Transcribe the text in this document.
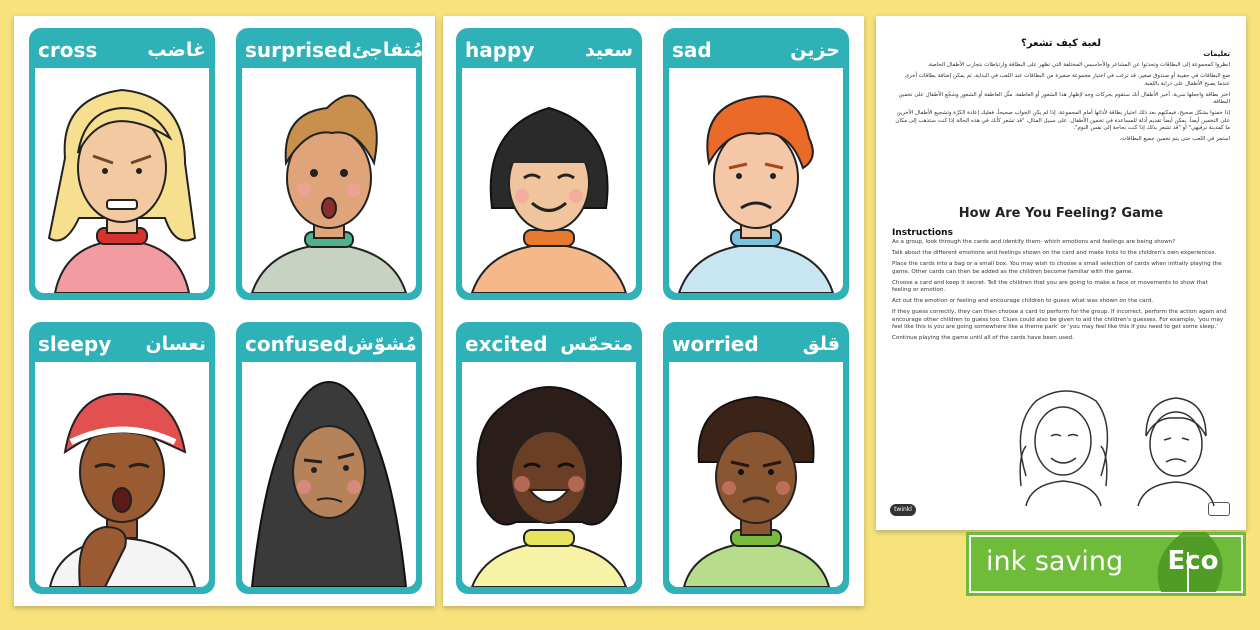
cross	غاضب surprised مُتفاجئ
sleepy نعسان confused مُشوّش
happy	سعيد sad	حزين
excited متحمّس worried قلق
لعبة كيف تشعر؟
تعليمات

انظروا كمجموعة إلى البطاقات وتحدثوا عن المشاعر والأحاسيس المختلفة التي تظهر على البطاقة وارتباطات بتجارب الأطفال الخاصة.

ضع البطاقات في حقيبة أو صندوق صغير. قد ترغب في اختيار مجموعة صغيرة من البطاقات عند اللعب في البداية، ثم يمكن إضافة بطاقات أخرى عندما يصبح الأطفال على دراية باللعبة.

اختر بطاقة واجعلها سرية. أخبر الأطفال أنك ستقوم بحركات وجه لإظهار هذا الشعور أو العاطفة. مثّل العاطفة أو الشعور وشجّع الأطفال على تخمين البطاقة.

إذا خمنوا بشكل صحيح، فيمكنهم بعد ذلك اختيار بطاقة لأدائها أمام المجموعة. إذا لم يكن الجواب صحيحاً، فعليك إعادة الكرّة وتشجيع الأطفال الآخرين على التخمين أيضاً. يمكن أيضاً تقديم أدلة للمساعدة في تخمين الأطفال. على سبيل المثال، "قد تشعر كأنك في هذه الحالة إذا كنت ستذهب إلى مكان ما كمدينة ترفيهي" أو "قد تشعر بذلك إذا كنت بحاجة إلى نفس النوم".

استمر في اللعب حتى يتم تخمين جميع البطاقات.

How Are You Feeling? Game
Instructions

As a group, look through the cards and identify them- which emotions and feelings are being shown?

Talk about the different emotions and feelings shown on the card and make links to the children's own experiences.

Place the cards into a bag or a small box. You may wish to choose a small selection of cards when initially playing the game. Other cards can then be added as the children become familiar with the game.

Choose a card and keep it secret. Tell the children that you are going to make a face or movements to show that feeling or emotion.

Act out the emotion or feeling and encourage children to guess what was shown on the card.

If they guess correctly, they can then choose a card to perform for the group. If incorrect, perform the action again and encourage other children to guess too. Clues could also be given to aid the children's guesses. For example, 'you may feel like this is you are going somewhere like a theme park' or 'you may feel like this if you need to get some sleep.'

Continue playing the game until all of the cards have been used.

twinkl
ink saving	Eco
